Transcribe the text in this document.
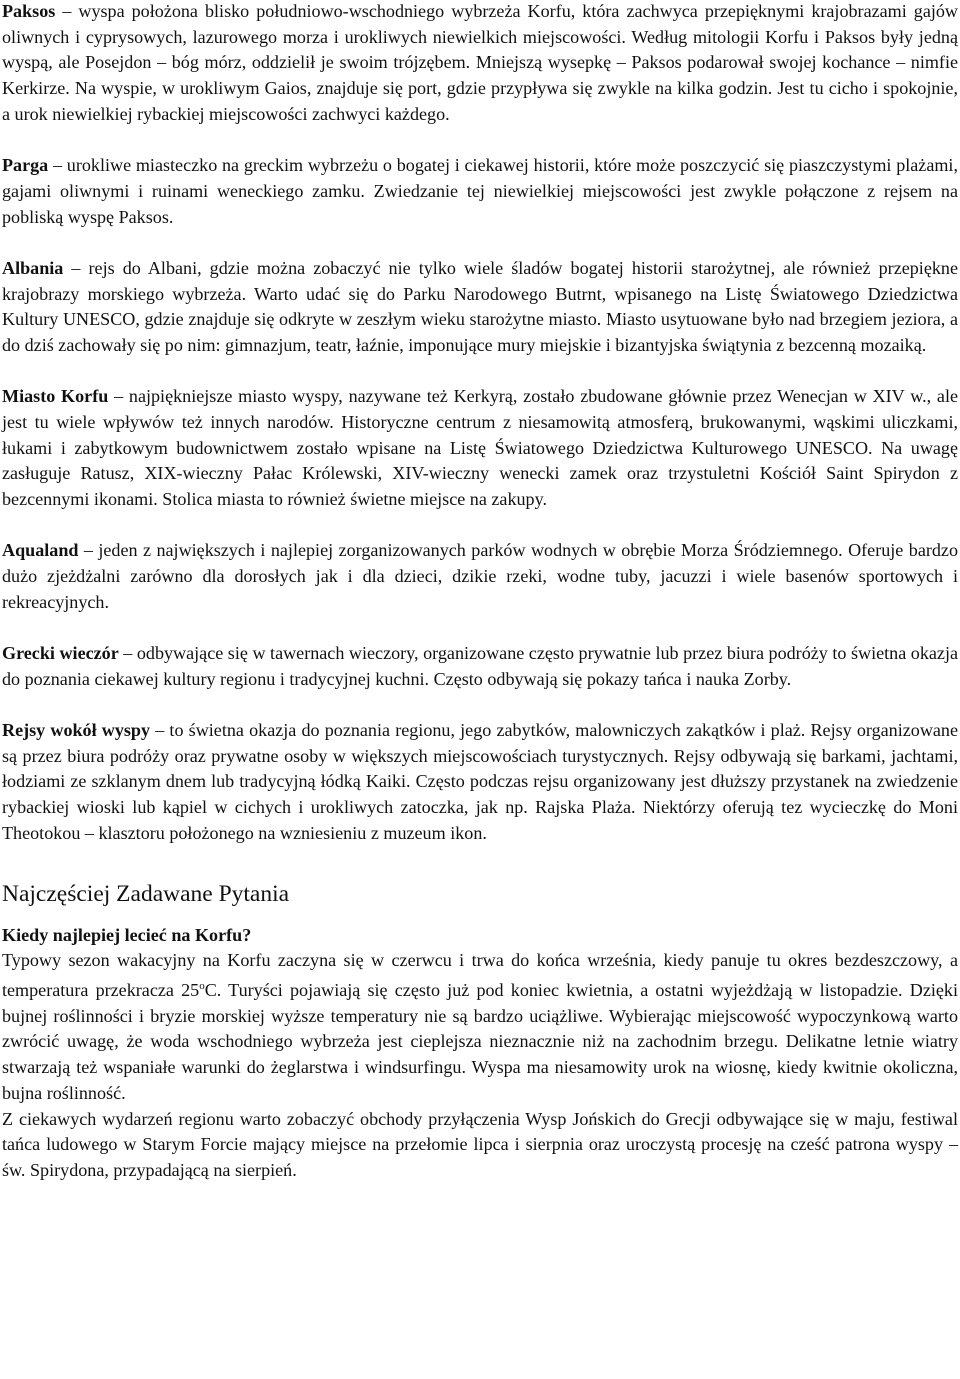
Paksos – wyspa położona blisko południowo-wschodniego wybrzeża Korfu, która zachwyca przepięknymi krajobrazami gajów oliwnych i cyprysowych, lazurowego morza i urokliwych niewielkich miejscowości. Według mitologii Korfu i Paksos były jedną wyspą, ale Posejdon – bóg mórz, oddzielił je swoim trójzębem. Mniejszą wysepkę – Paksos podarował swojej kochance – nimfie Kerkirze. Na wyspie, w urokliwym Gaios, znajduje się port, gdzie przypływa się zwykle na kilka godzin. Jest tu cicho i spokojnie, a urok niewielkiej rybackiej miejscowości zachwyci każdego.

Parga – urokliwe miasteczko na greckim wybrzeżu o bogatej i ciekawej historii, które może poszczycić się piaszczystymi plażami, gajami oliwnymi i ruinami weneckiego zamku. Zwiedzanie tej niewielkiej miejscowości jest zwykle połączone z rejsem na pobliską wyspę Paksos.

Albania – rejs do Albani, gdzie można zobaczyć nie tylko wiele śladów bogatej historii starożytnej, ale również przepiękne krajobrazy morskiego wybrzeża. Warto udać się do Parku Narodowego Butrnt, wpisanego na Listę Światowego Dziedzictwa Kultury UNESCO, gdzie znajduje się odkryte w zeszłym wieku starożytne miasto. Miasto usytuowane było nad brzegiem jeziora, a do dziś zachowały się po nim: gimnazjum, teatr, łaźnie, imponujące mury miejskie i bizantyjska świątynia z bezcenną mozaiką.

Miasto Korfu – najpiękniejsze miasto wyspy, nazywane też Kerkyrą, zostało zbudowane głównie przez Wenecjan w XIV w., ale jest tu wiele wpływów też innych narodów. Historyczne centrum z niesamowitą atmosferą, brukowanymi, wąskimi uliczkami, łukami i zabytkowym budownictwem zostało wpisane na Listę Światowego Dziedzictwa Kulturowego UNESCO. Na uwagę zasługuje Ratusz, XIX-wieczny Pałac Królewski, XIV-wieczny wenecki zamek oraz trzystuletni Kościół Saint Spirydon z bezcennymi ikonami. Stolica miasta to również świetne miejsce na zakupy.

Aqualand – jeden z największych i najlepiej zorganizowanych parków wodnych w obrębie Morza Śródziemnego. Oferuje bardzo dużo zjeżdżalni zarówno dla dorosłych jak i dla dzieci, dzikie rzeki, wodne tuby, jacuzzi i wiele basenów sportowych i rekreacyjnych.

Grecki wieczór – odbywające się w tawernach wieczory, organizowane często prywatnie lub przez biura podróży to świetna okazja do poznania ciekawej kultury regionu i tradycyjnej kuchni. Często odbywają się pokazy tańca i nauka Zorby.

Rejsy wokół wyspy – to świetna okazja do poznania regionu, jego zabytków, malowniczych zakątków i plaż. Rejsy organizowane są przez biura podróży oraz prywatne osoby w większych miejscowościach turystycznych. Rejsy odbywają się barkami, jachtami, łodziami ze szklanym dnem lub tradycyjną łódką Kaiki. Często podczas rejsu organizowany jest dłuższy przystanek na zwiedzenie rybackiej wioski lub kąpiel w cichych i urokliwych zatoczka, jak np. Rajska Plaża. Niektórzy oferują tez wycieczkę do Moni Theotokou – klasztoru położonego na wzniesieniu z muzeum ikon.

Najczęściej Zadawane Pytania
Kiedy najlepiej lecieć na Korfu?

Typowy sezon wakacyjny na Korfu zaczyna się w czerwcu i trwa do końca września, kiedy panuje tu okres bezdeszczowy, a temperatura przekracza 25$^o$C. Turyści pojawiają się często już pod koniec kwietnia, a ostatni wyjeżdżają w listopadzie. Dzięki bujnej roślinności i bryzie morskiej wyższe temperatury nie są bardzo uciążliwe. Wybierając miejscowość wypoczynkową warto zwrócić uwagę, że woda wschodniego wybrzeża jest cieplejsza nieznacznie niż na zachodnim brzegu. Delikatne letnie wiatry stwarzają też wspaniałe warunki do żeglarstwa i windsurfingu. Wyspa ma niesamowity urok na wiosnę, kiedy kwitnie okoliczna, bujna roślinność.

Z ciekawych wydarzeń regionu warto zobaczyć obchody przyłączenia Wysp Jońskich do Grecji odbywające się w maju, festiwal tańca ludowego w Starym Forcie mający miejsce na przełomie lipca i sierpnia oraz uroczystą procesję na cześć patrona wyspy – św. Spirydona, przypadającą na sierpień.
